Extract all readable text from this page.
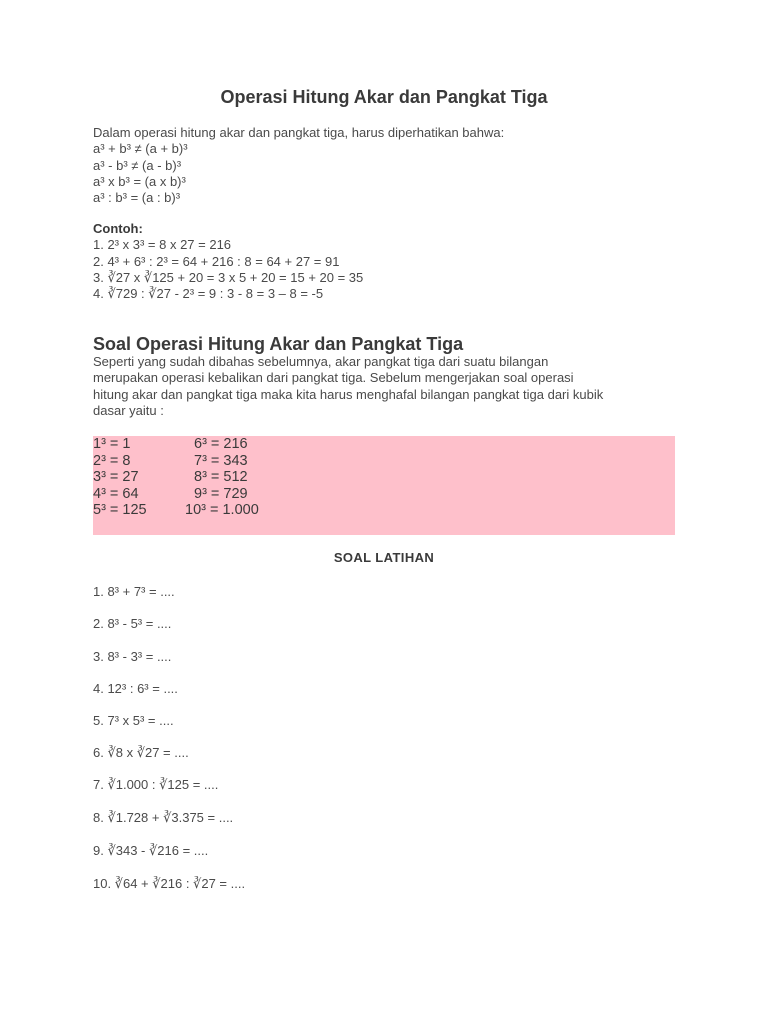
Operasi Hitung Akar dan Pangkat Tiga
Dalam operasi hitung akar dan pangkat tiga, harus diperhatikan bahwa:
a³ + b³ ≠ (a + b)³
a³ - b³ ≠ (a - b)³
a³ x b³ = (a x b)³
a³ : b³ = (a : b)³
Contoh:
1. 2³ x 3³ = 8 x 27 = 216
2. 4³ + 6³ : 2³ = 64 + 216 : 8 = 64 + 27 = 91
3. ∛27 x ∛125 + 20 = 3 x 5 + 20 = 15 + 20 = 35
4. ∛729 : ∛27 - 2³ = 9 : 3 - 8 = 3 – 8 = -5
Soal Operasi Hitung Akar dan Pangkat Tiga
Seperti yang sudah dibahas sebelumnya, akar pangkat tiga dari suatu bilangan
merupakan operasi kebalikan dari pangkat tiga. Sebelum mengerjakan soal operasi
hitung akar dan pangkat tiga maka kita harus menghafal bilangan pangkat tiga dari kubik
dasar yaitu :
1³ = 1	6³ = 216
2³ = 8	7³ = 343
3³ = 27	8³ = 512
4³ = 64	9³ = 729
5³ = 125	10³ = 1.000
SOAL LATIHAN
1. 8³ + 7³ = ....
2. 8³ - 5³ = ....
3. 8³ - 3³ = ....
4. 12³ : 6³ = ....
5. 7³ x 5³ = ....
6. ∛8 x ∛27 = ....
7. ∛1.000 : ∛125 = ....
8. ∛1.728 + ∛3.375 = ....
9. ∛343 - ∛216 = ....
10. ∛64 + ∛216 : ∛27 = ....
